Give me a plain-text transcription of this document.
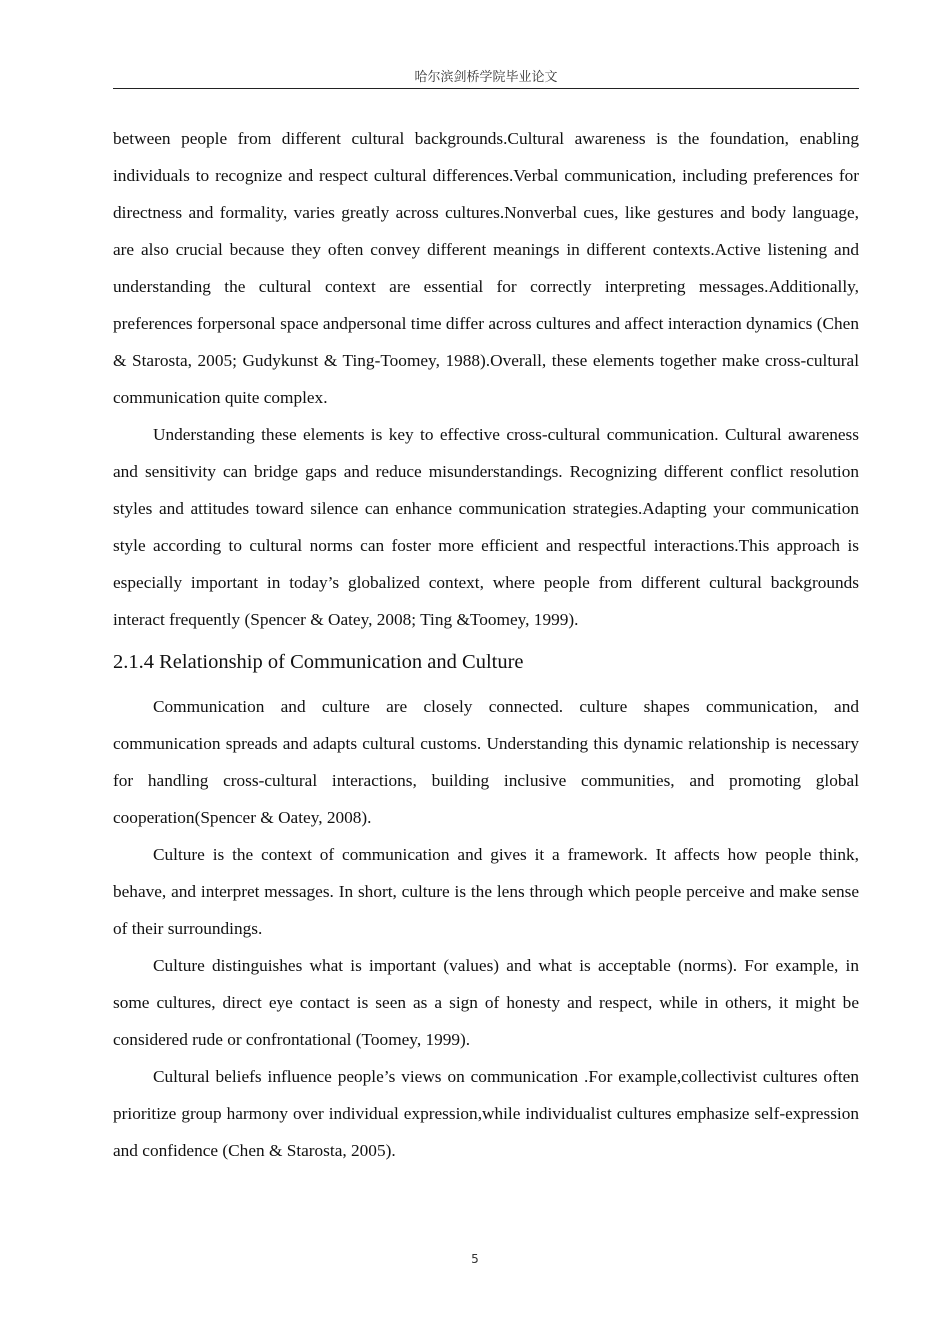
哈尔滨剑桥学院毕业论文

between people from different cultural backgrounds.Cultural awareness is the foundation, enabling individuals to recognize and respect cultural differences.Verbal communication, including preferences for directness and formality, varies greatly across cultures.Nonverbal cues, like gestures and body language, are also crucial because they often convey different meanings in different contexts.Active listening and understanding the cultural context are essential for correctly interpreting messages.Additionally, preferences forpersonal space andpersonal time differ across cultures and affect interaction dynamics (Chen & Starosta, 2005; Gudykunst & Ting-Toomey, 1988).Overall, these elements together make cross-cultural communication quite complex.

Understanding these elements is key to effective cross-cultural communication. Cultural awareness and sensitivity can bridge gaps and reduce misunderstandings. Recognizing different conflict resolution styles and attitudes toward silence can enhance communication strategies.Adapting your communication style according to cultural norms can foster more efficient and respectful interactions.This approach is especially important in today’s globalized context, where people from different cultural backgrounds interact frequently (Spencer & Oatey, 2008; Ting &Toomey, 1999).

2.1.4 Relationship of Communication and Culture

Communication and culture are closely connected. culture shapes communication, and communication spreads and adapts cultural customs. Understanding this dynamic relationship is necessary for handling cross-cultural interactions, building inclusive communities, and promoting global cooperation(Spencer & Oatey, 2008).

Culture is the context of communication and gives it a framework. It affects how people think, behave, and interpret messages. In short, culture is the lens through which people perceive and make sense of their surroundings.

Culture distinguishes what is important (values) and what is acceptable (norms). For example, in some cultures, direct eye contact is seen as a sign of honesty and respect, while in others, it might be considered rude or confrontational (Toomey, 1999).

Cultural beliefs influence people’s views on communication .For example,collectivist cultures often prioritize group harmony over individual expression,while individualist cultures emphasize self-expression and confidence (Chen & Starosta, 2005).

5
